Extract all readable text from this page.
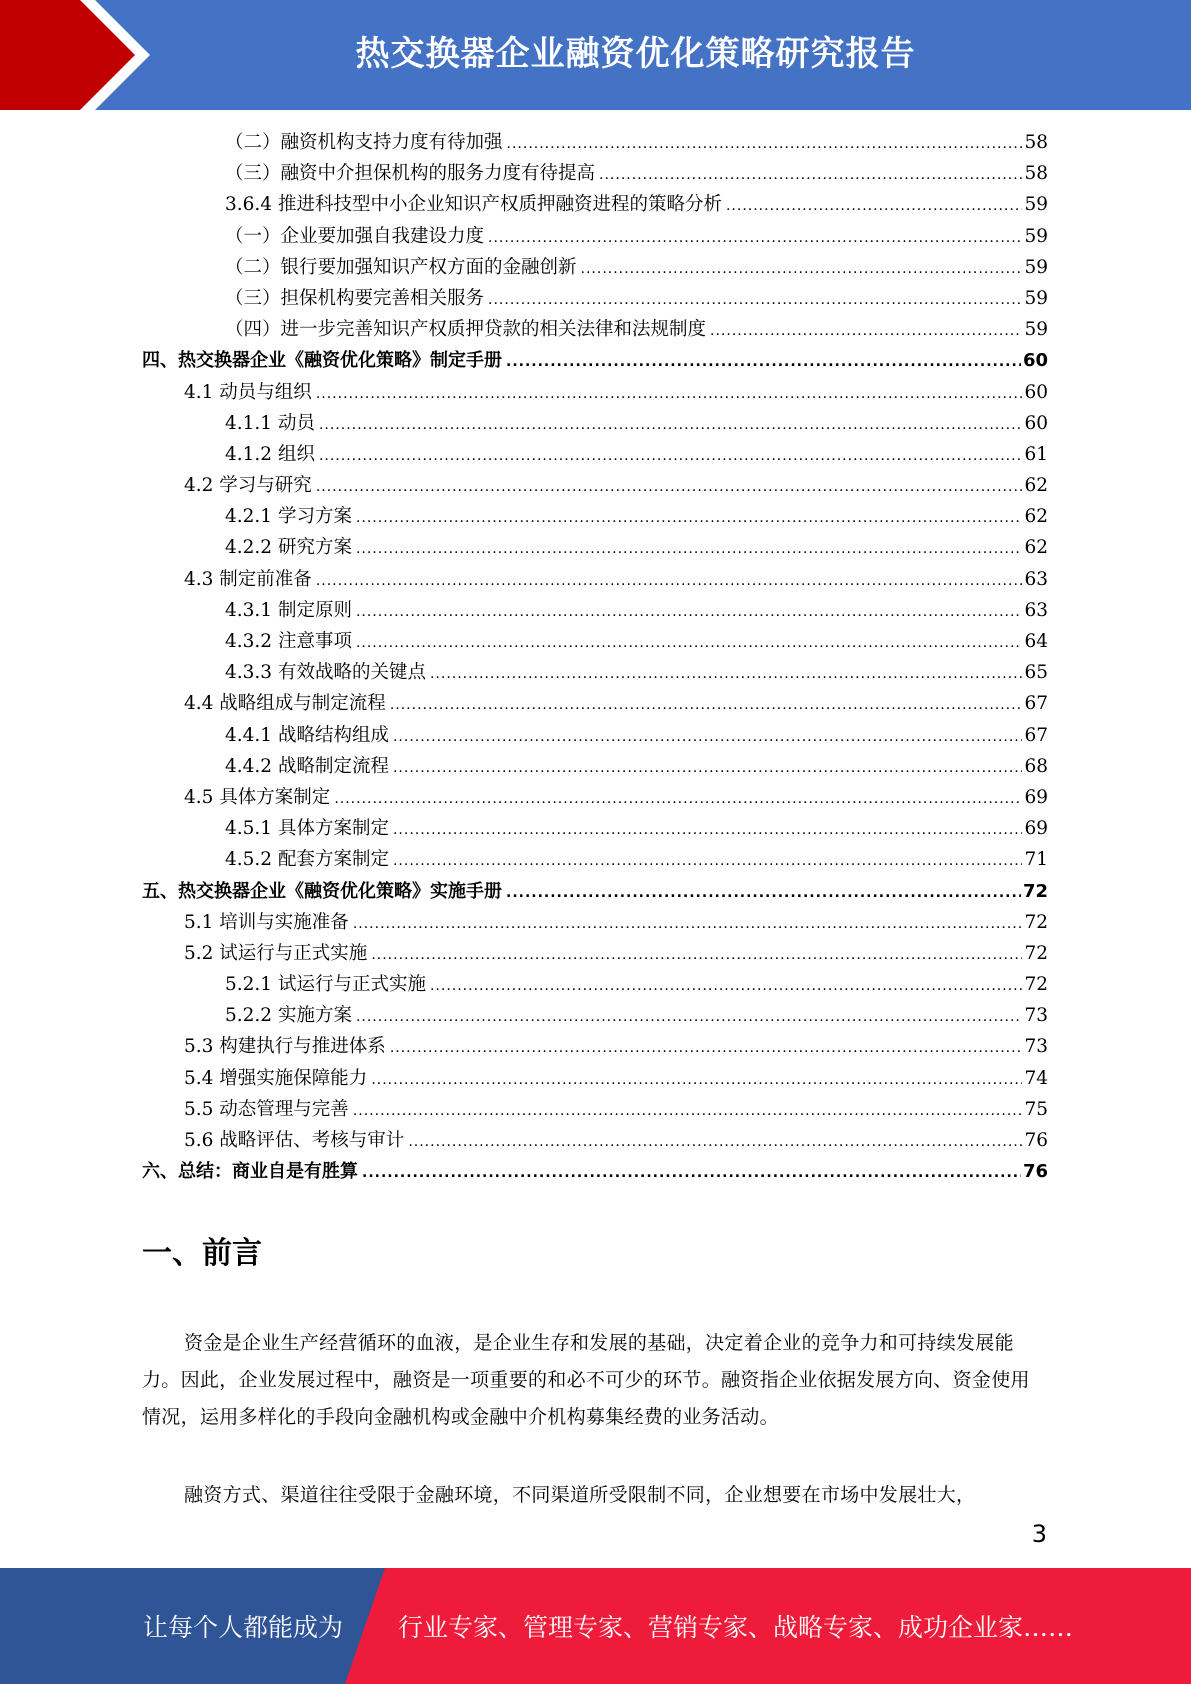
热交换器企业融资优化策略研究报告
（二）融资机构支持力度有待加强 .....	58
（三）融资中介担保机构的服务力度有待提高 .....	58
3.6.4 推进科技型中小企业知识产权质押融资进程的策略分析 .....	59
（一）企业要加强自我建设力度 .....	59
（二）银行要加强知识产权方面的金融创新 .....	59
（三）担保机构要完善相关服务 .....	59
（四）进一步完善知识产权质押贷款的相关法律和法规制度 .....	59
四、热交换器企业《融资优化策略》制定手册 .....	60
4.1 动员与组织 .....	60
4.1.1 动员 .....	60
4.1.2 组织 .....	61
4.2 学习与研究 .....	62
4.2.1 学习方案 .....	62
4.2.2 研究方案 .....	62
4.3 制定前准备 .....	63
4.3.1 制定原则 .....	63
4.3.2 注意事项 .....	64
4.3.3 有效战略的关键点 .....	65
4.4 战略组成与制定流程 .....	67
4.4.1 战略结构组成 .....	67
4.4.2 战略制定流程 .....	68
4.5 具体方案制定 .....	69
4.5.1 具体方案制定 .....	69
4.5.2 配套方案制定 .....	71
五、热交换器企业《融资优化策略》实施手册 .....	72
5.1 培训与实施准备 .....	72
5.2 试运行与正式实施 .....	72
5.2.1 试运行与正式实施 .....	72
5.2.2 实施方案 .....	73
5.3 构建执行与推进体系 .....	73
5.4 增强实施保障能力 .....	74
5.5 动态管理与完善 .....	75
5.6 战略评估、考核与审计 .....	76
六、总结：商业自是有胜算 .....	76
一、前言

资金是企业生产经营循环的血液，是企业生存和发展的基础，决定着企业的竞争力和可持续发展能力。因此，企业发展过程中，融资是一项重要的和必不可少的环节。融资指企业依据发展方向、资金使用情况，运用多样化的手段向金融机构或金融中介机构募集经费的业务活动。

融资方式、渠道往往受限于金融环境，不同渠道所受限制不同，企业想要在市场中发展壮大，

3
让每个人都能成为 行业专家、管理专家、营销专家、战略专家、成功企业家……
